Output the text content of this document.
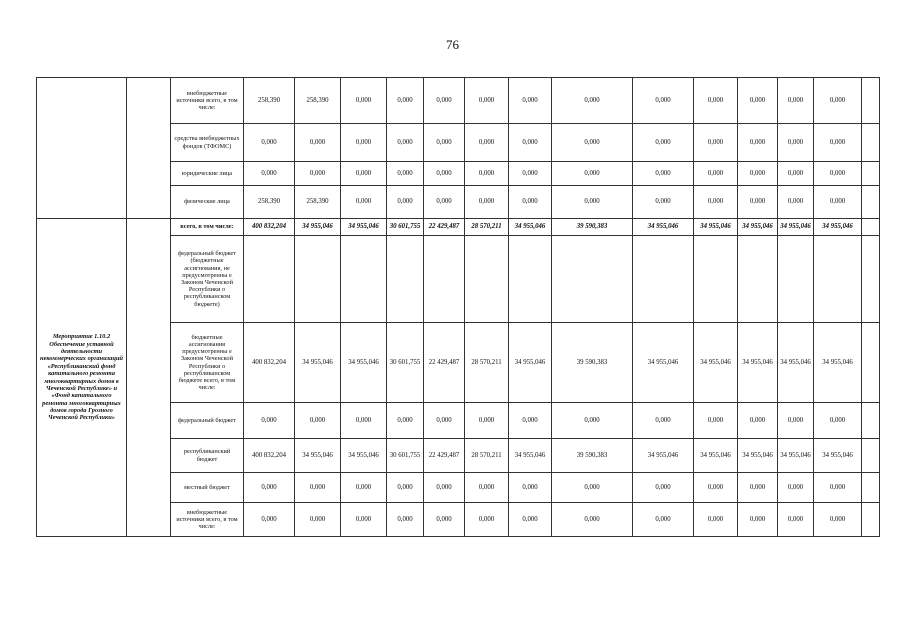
76
		внебюджетные источники всего, в том числе:	258,390	258,390	0,000	0,000	0,000	0,000	0,000	0,000	0,000	0,000	0,000	0,000	0,000	
		средства внебюджетных фондов (ТФОМС)	0,000	0,000	0,000	0,000	0,000	0,000	0,000	0,000	0,000	0,000	0,000	0,000	0,000	
		юридические лица	0,000	0,000	0,000	0,000	0,000	0,000	0,000	0,000	0,000	0,000	0,000	0,000	0,000	
		физические лица	258,390	258,390	0,000	0,000	0,000	0,000	0,000	0,000	0,000	0,000	0,000	0,000	0,000	
Мероприятие 1.10.2 Обеспечение уставной деятельности некоммерческих организаций «Республиканский фонд капитального ремонта многоквартирных домов в Чеченской Республике» и «Фонд капитального ремонта многоквартирных домов города Грозного Чеченской Республики»		всего, в том числе:	400 832,204	34 955,046	34 955,046	30 601,755	22 429,487	28 570,211	34 955,046	39 590,383	34 955,046	34 955,046	34 955,046	34 955,046	34 955,046	
		федеральный бюджет (бюджетные ассигнования, не предусмотренны е Законом Чеченской Республики о республиканском бюджете)														
		бюджетные ассигнования предусмотренны е Законом Чеченской Республики о республиканском бюджете всего, в том числе:	400 832,204	34 955,046	34 955,046	30 601,755	22 429,487	28 570,211	34 955,046	39 590,383	34 955,046	34 955,046	34 955,046	34 955,046	34 955,046	
		федеральный бюджет	0,000	0,000	0,000	0,000	0,000	0,000	0,000	0,000	0,000	0,000	0,000	0,000	0,000	
		республиканский бюджет	400 832,204	34 955,046	34 955,046	30 601,755	22 429,487	28 570,211	34 955,046	39 590,383	34 955,046	34 955,046	34 955,046	34 955,046	34 955,046	
		местный бюджет	0,000	0,000	0,000	0,000	0,000	0,000	0,000	0,000	0,000	0,000	0,000	0,000	0,000	
		внебюджетные источники всего, в том числе:	0,000	0,000	0,000	0,000	0,000	0,000	0,000	0,000	0,000	0,000	0,000	0,000	0,000	
